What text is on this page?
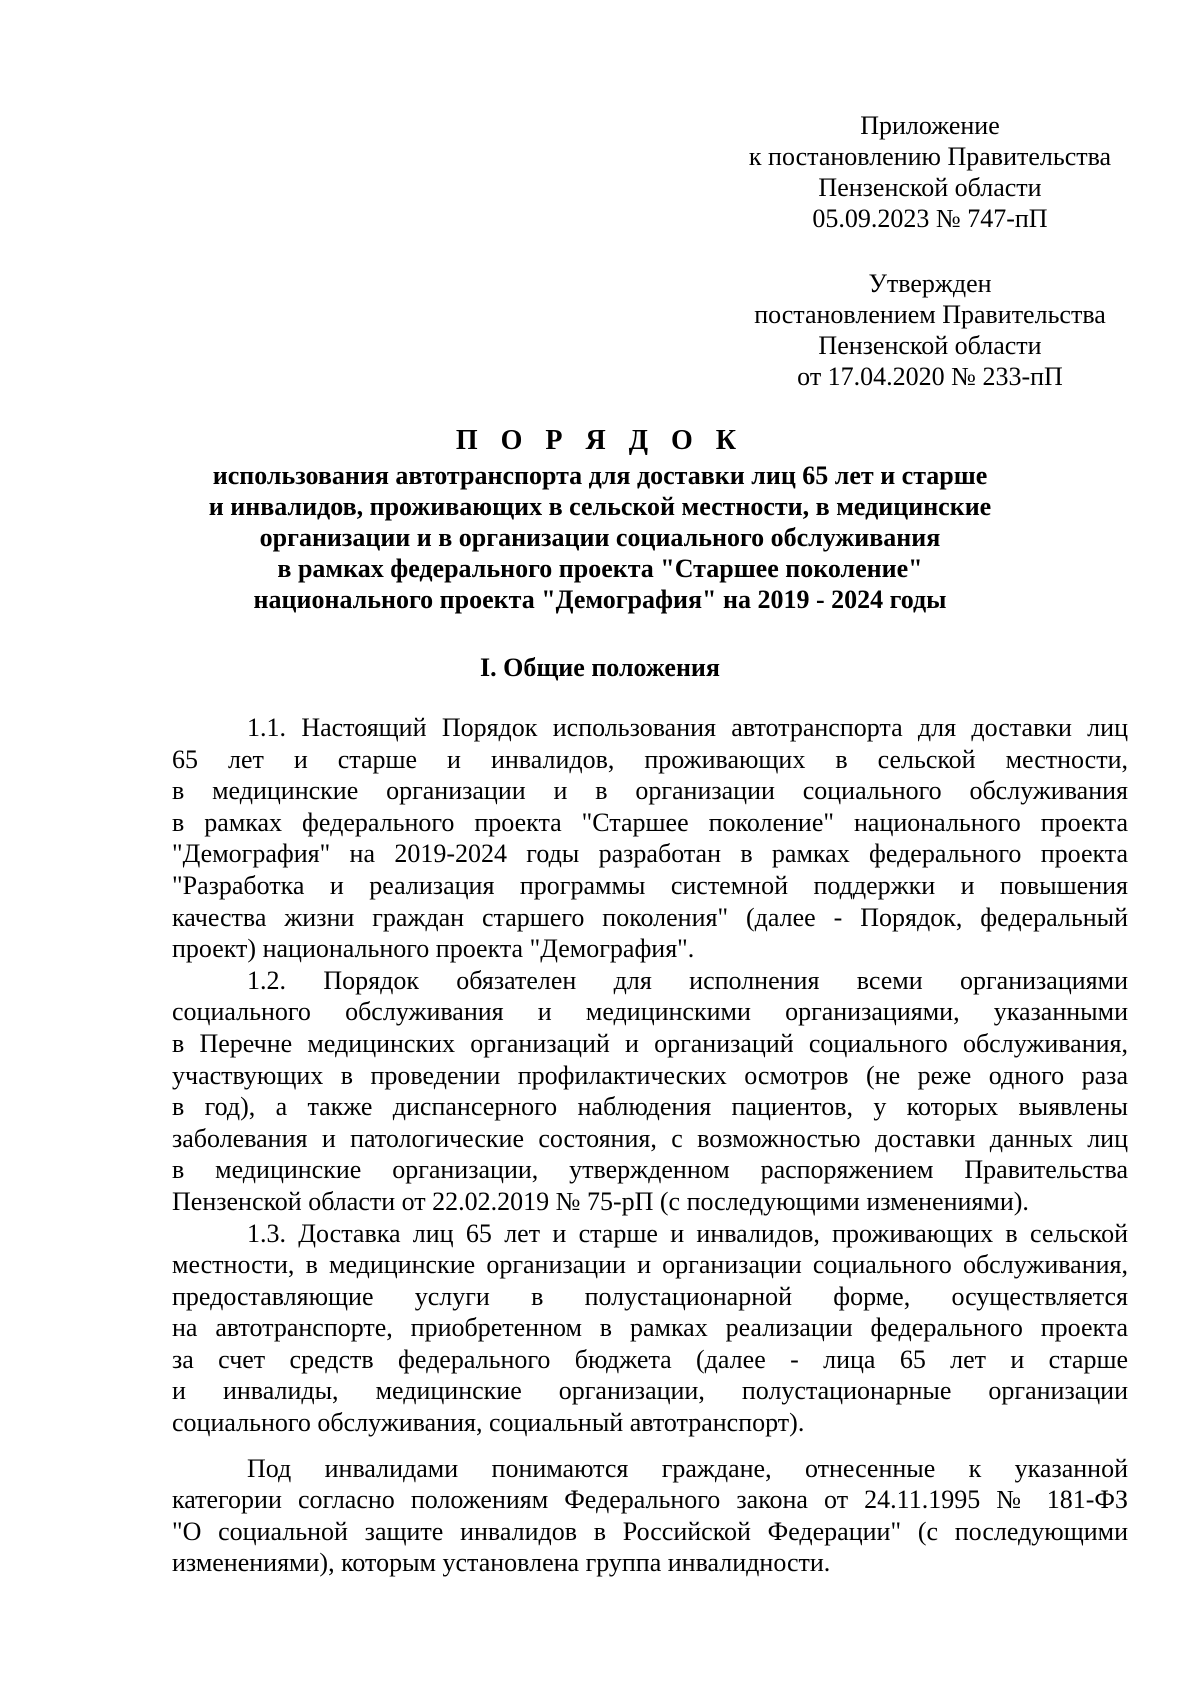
Приложение
к постановлению Правительства
Пензенской области
05.09.2023 № 747-пП
Утвержден
постановлением Правительства
Пензенской области
от 17.04.2020 № 233-пП
П О Р Я Д О К
использования автотранспорта для доставки лиц 65 лет и старше
и инвалидов, проживающих в сельской местности, в медицинские
организации и в организации социального обслуживания
в рамках федерального проекта "Старшее поколение"
национального проекта "Демография" на 2019 - 2024 годы
I. Общие положения
1.1. Настоящий Порядок использования автотранспорта для доставки лиц
65 лет и старше и инвалидов, проживающих в сельской местности,
в медицинские организации и в организации социального обслуживания
в рамках федерального проекта "Старшее поколение" национального проекта
"Демография" на 2019-2024 годы разработан в рамках федерального проекта
"Разработка и реализация программы системной поддержки и повышения
качества жизни граждан старшего поколения" (далее - Порядок, федеральный
проект) национального проекта "Демография".
1.2. Порядок обязателен для исполнения всеми организациями
социального обслуживания и медицинскими организациями, указанными
в Перечне медицинских организаций и организаций социального обслуживания,
участвующих в проведении профилактических осмотров (не реже одного раза
в год), а также диспансерного наблюдения пациентов, у которых выявлены
заболевания и патологические состояния, с возможностью доставки данных лиц
в медицинские организации, утвержденном распоряжением Правительства
Пензенской области от 22.02.2019 № 75-рП (с последующими изменениями).
1.3. Доставка лиц 65 лет и старше и инвалидов, проживающих в сельской
местности, в медицинские организации и организации социального обслуживания,
предоставляющие услуги в полустационарной форме, осуществляется
на автотранспорте, приобретенном в рамках реализации федерального проекта
за счет средств федерального бюджета (далее - лица 65 лет и старше
и инвалиды, медицинские организации, полустационарные организации
социального обслуживания, социальный автотранспорт).
Под инвалидами понимаются граждане, отнесенные к указанной
категории согласно положениям Федерального закона от 24.11.1995 № 181-ФЗ
"О социальной защите инвалидов в Российской Федерации" (с последующими
изменениями), которым установлена группа инвалидности.
